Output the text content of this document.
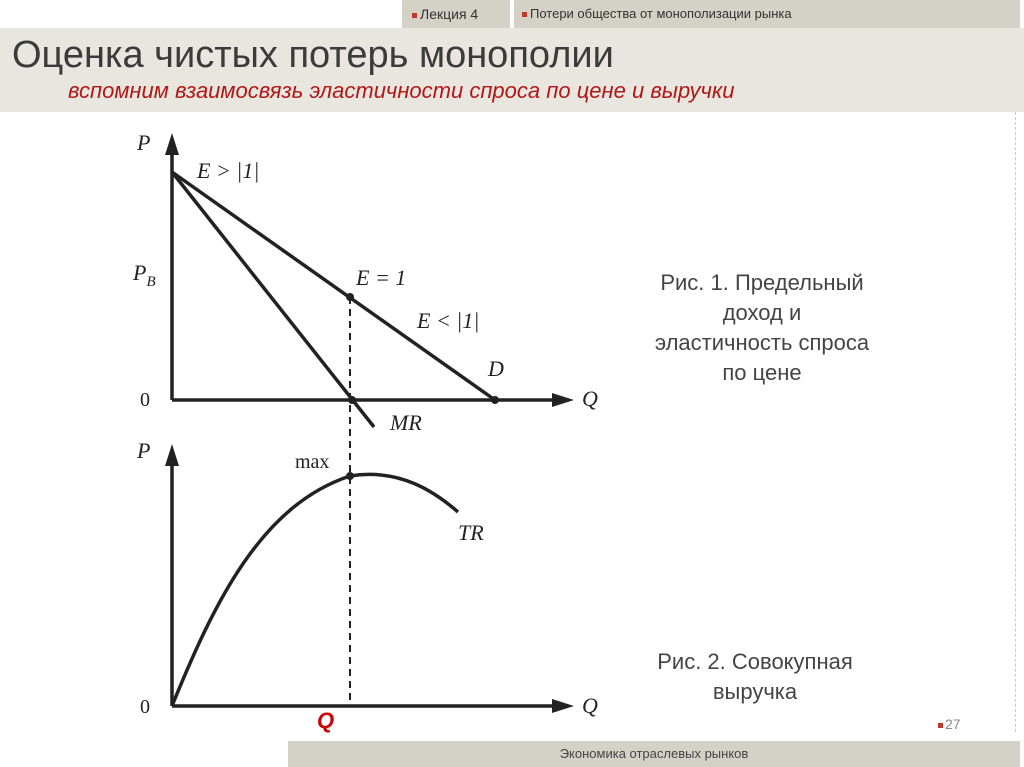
Лекция 4	Потери общества от монополизации рынка
Оценка чистых потерь монополии
вспомним взаимосвязь эластичности спроса по цене и выручки
P
Q
0
$P_B$
E > |1|
E = 1
E < |1|
D
MR
P
Q
0
max
TR
Q
Рис. 1. Предельный
доход и
эластичность спроса
по цене
Рис. 2. Совокупная
выручка
27
Экономика отраслевых рынков
